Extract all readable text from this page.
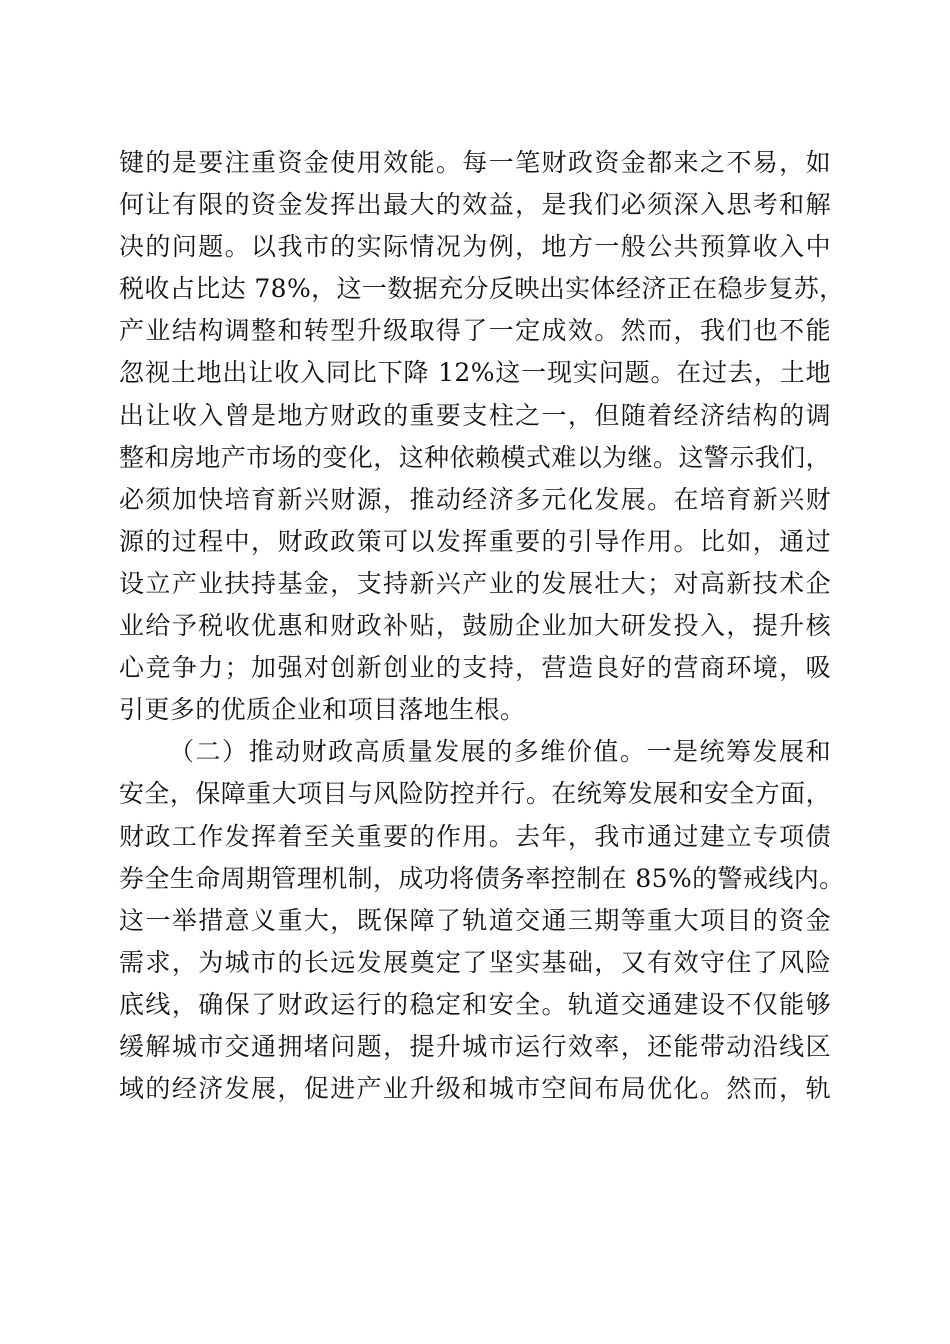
键的是要注重资金使用效能。每一笔财政资金都来之不易，如
何让有限的资金发挥出最大的效益，是我们必须深入思考和解
决的问题。以我市的实际情况为例，地方一般公共预算收入中
税收占比达 78%，这一数据充分反映出实体经济正在稳步复苏，
产业结构调整和转型升级取得了一定成效。然而，我们也不能
忽视土地出让收入同比下降 12%这一现实问题。在过去，土地
出让收入曾是地方财政的重要支柱之一，但随着经济结构的调
整和房地产市场的变化，这种依赖模式难以为继。这警示我们，
必须加快培育新兴财源，推动经济多元化发展。在培育新兴财
源的过程中，财政政策可以发挥重要的引导作用。比如，通过
设立产业扶持基金，支持新兴产业的发展壮大；对高新技术企
业给予税收优惠和财政补贴，鼓励企业加大研发投入，提升核
心竞争力；加强对创新创业的支持，营造良好的营商环境，吸
引更多的优质企业和项目落地生根。
（二）推动财政高质量发展的多维价值。一是统筹发展和
安全，保障重大项目与风险防控并行。在统筹发展和安全方面，
财政工作发挥着至关重要的作用。去年，我市通过建立专项债
券全生命周期管理机制，成功将债务率控制在 85%的警戒线内。
这一举措意义重大，既保障了轨道交通三期等重大项目的资金
需求，为城市的长远发展奠定了坚实基础，又有效守住了风险
底线，确保了财政运行的稳定和安全。轨道交通建设不仅能够
缓解城市交通拥堵问题，提升城市运行效率，还能带动沿线区
域的经济发展，促进产业升级和城市空间布局优化。然而，轨
